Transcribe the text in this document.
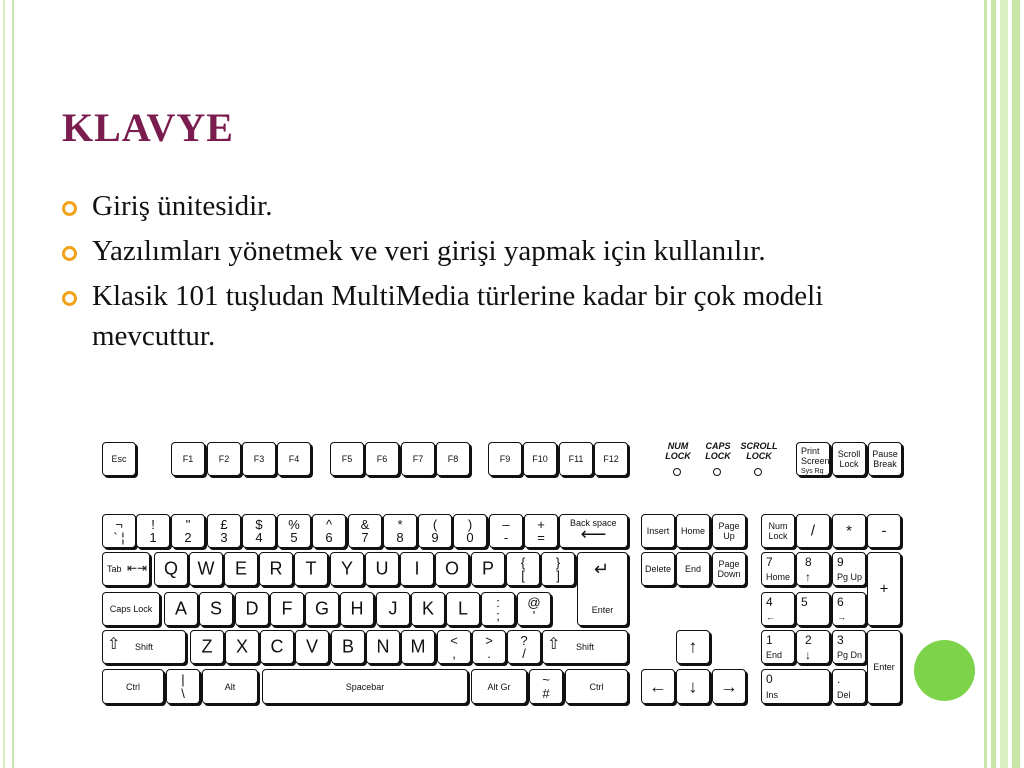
KLAVYE
Giriş ünitesidir.
Yazılımları yönetmek ve veri girişi yapmak için kullanılır.
Klasik 101 tuşludan MultiMedia türlerine kadar bir çok modeli mevcuttur.
Esc	F1	F2	F3	F4	F5	F6	F7	F8	F9	F10	F11	F12
Print
Screen
Sys Rq
Scroll
Lock
Pause
Break
¬
` ¦
!
1
"
2
£
3
$
4
%
5
^
6
&
7
*
8
(
9
)
0
–
-
+
=
Back space
⟵	Insert	Home	Page
Up
Num
Lock	/	*	-
Tab ⇤⇥ Q	W	E	R	T	Y	U	I	O	P	{
[
}
]	↵
Enter
Delete	End	Page
Down
7
Home
8
↑
9
Pg Up
+
Caps Lock	A	S	D	F	G	H	J	K	L	:
;
@
'
4
←
5 6
→
⇧	Shift	Z	X	C	V	B	N	M	<
,
>
.
?
/
⇧	Shift	↑	1
End
2
↓
3
Pg Dn
Enter
Ctrl	|
\	Alt	Spacebar	Alt Gr	~
#	Ctrl	←	↓	→	0
Ins
.
Del
NUM
LOCK
CAPS
LOCK
SCROLL
LOCK
